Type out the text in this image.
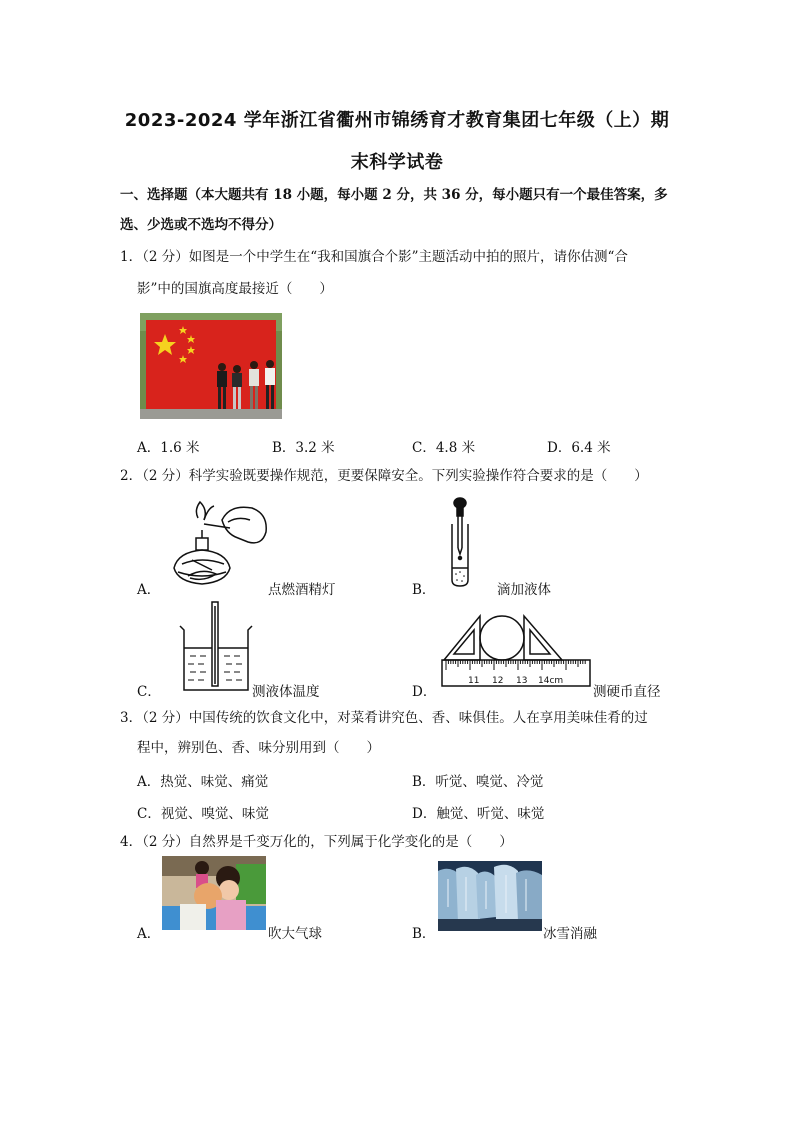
2023-2024 学年浙江省衢州市锦绣育才教育集团七年级（上）期
末科学试卷
一、选择题（本大题共有 18 小题，每小题 2 分，共 36 分，每小题只有一个最佳答案，多
选、少选或不选均不得分）
1．（2 分）如图是一个中学生在“我和国旗合个影”主题活动中拍的照片，请你估测“合
影”中的国旗高度最接近（　　）
A．1.6 米	B．3.2 米	C．4.8 米	D．6.4 米
2．（2 分）科学实验既要操作规范，更要保障安全。下列实验操作符合要求的是（　　）
A．	点燃酒精灯	B．	滴加液体
C．	测液体温度	D．
11 12 13 14cm
测硬币直径
3．（2 分）中国传统的饮食文化中，对菜肴讲究色、香、味俱佳。人在享用美味佳肴的过
程中，辨别色、香、味分别用到（　　）
A．热觉、味觉、痛觉	B．听觉、嗅觉、冷觉
C．视觉、嗅觉、味觉	D．触觉、听觉、味觉
4．（2 分）自然界是千变万化的，下列属于化学变化的是（　　）
A．	吹大气球	B．	冰雪消融
